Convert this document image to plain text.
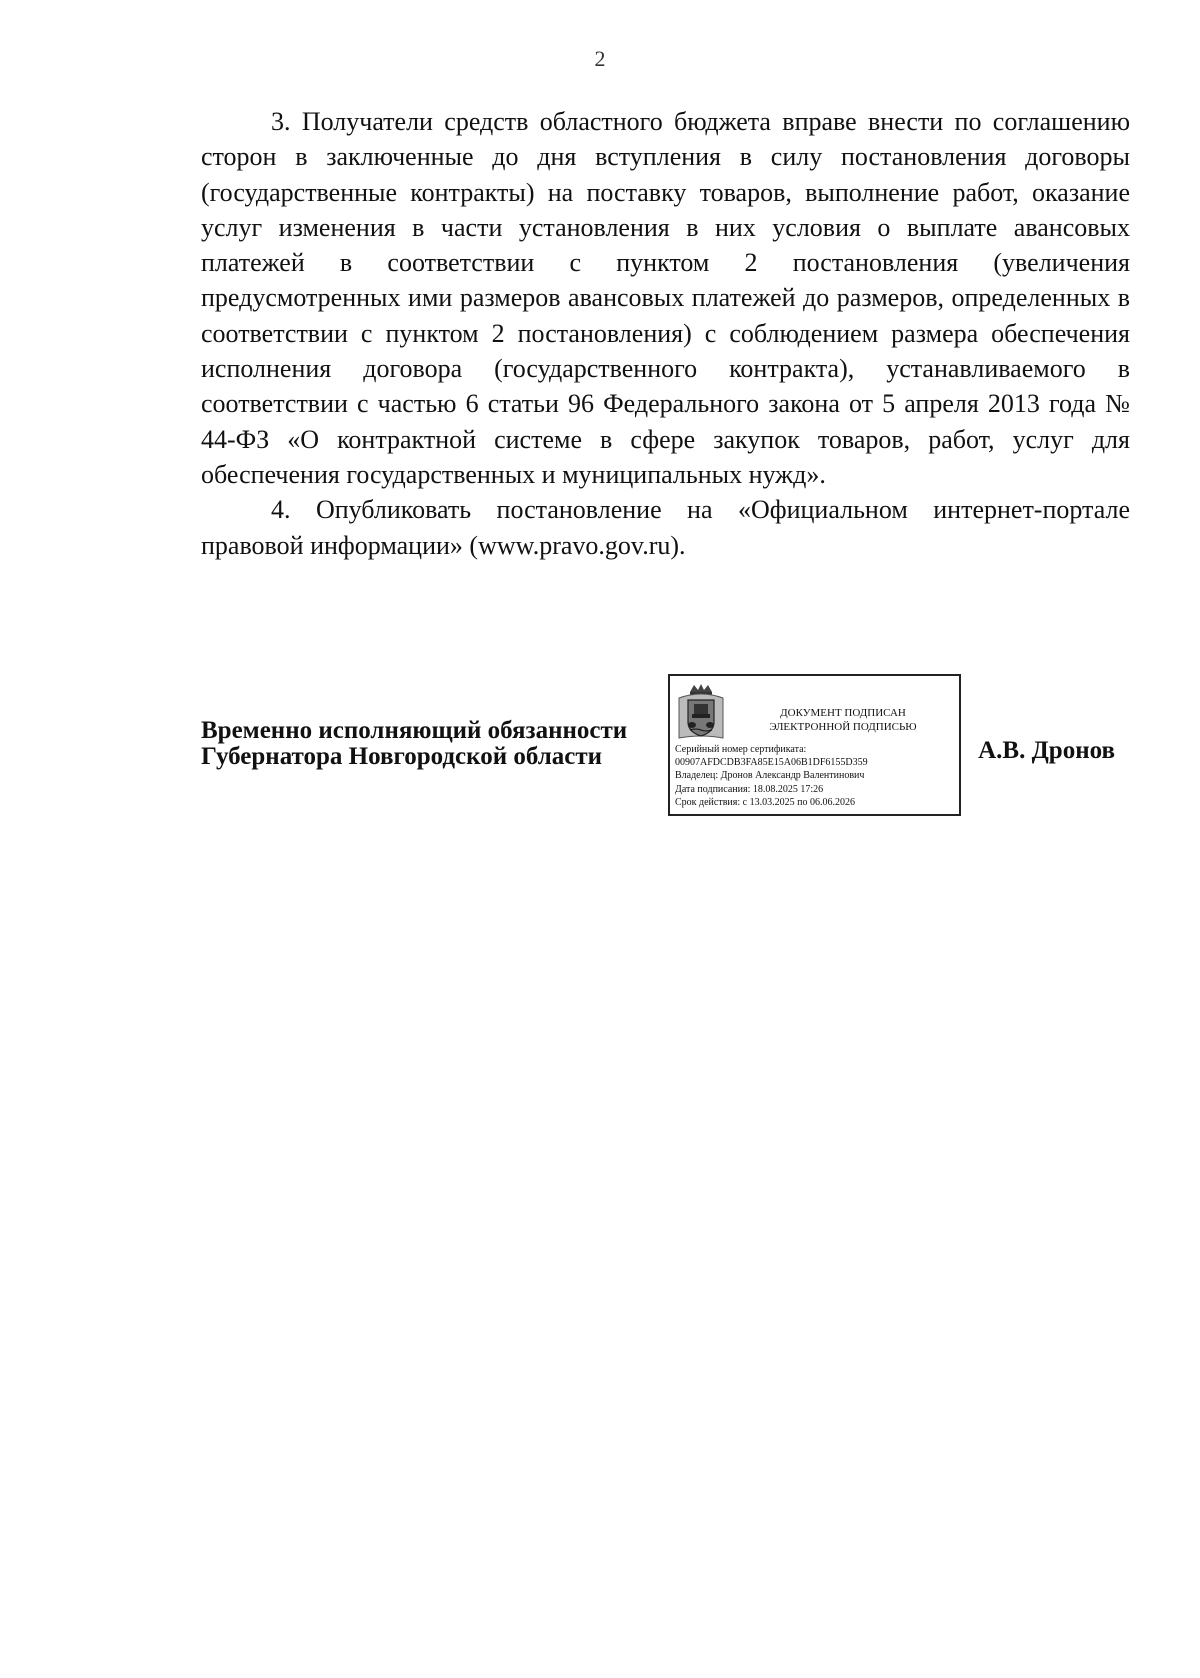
2

3. Получатели средств областного бюджета вправе внести по соглашению сторон в заключенные до дня вступления в силу постановления договоры (государственные контракты) на поставку товаров, выполнение работ, оказание услуг изменения в части установления в них условия о выплате авансовых платежей в соответствии с пунктом 2 постановления (увеличения предусмотренных ими размеров авансовых платежей до размеров, определенных в соответствии с пунктом 2 постановления) с соблюдением размера обеспечения исполнения договора (государственного контракта), устанавливаемого в соответствии с частью 6 статьи 96 Федерального закона от 5 апреля 2013 года № 44-ФЗ «О контрактной системе в сфере закупок товаров, работ, услуг для обеспечения государственных и муниципальных нужд».

4. Опубликовать постановление на «Официальном интернет-портале правовой информации» (www.pravo.gov.ru).

Временно исполняющий обязанности
Губернатора Новгородской области
ДОКУМЕНТ ПОДПИСАН
ЭЛЕКТРОННОЙ ПОДПИСЬЮ
Серийный номер сертификата:
00907AFDCDB3FA85E15A06B1DF6155D359
Владелец: Дронов Александр Валентинович
Дата подписания: 18.08.2025 17:26
Срок действия: с 13.03.2025 по 06.06.2026
А.В. Дронов
